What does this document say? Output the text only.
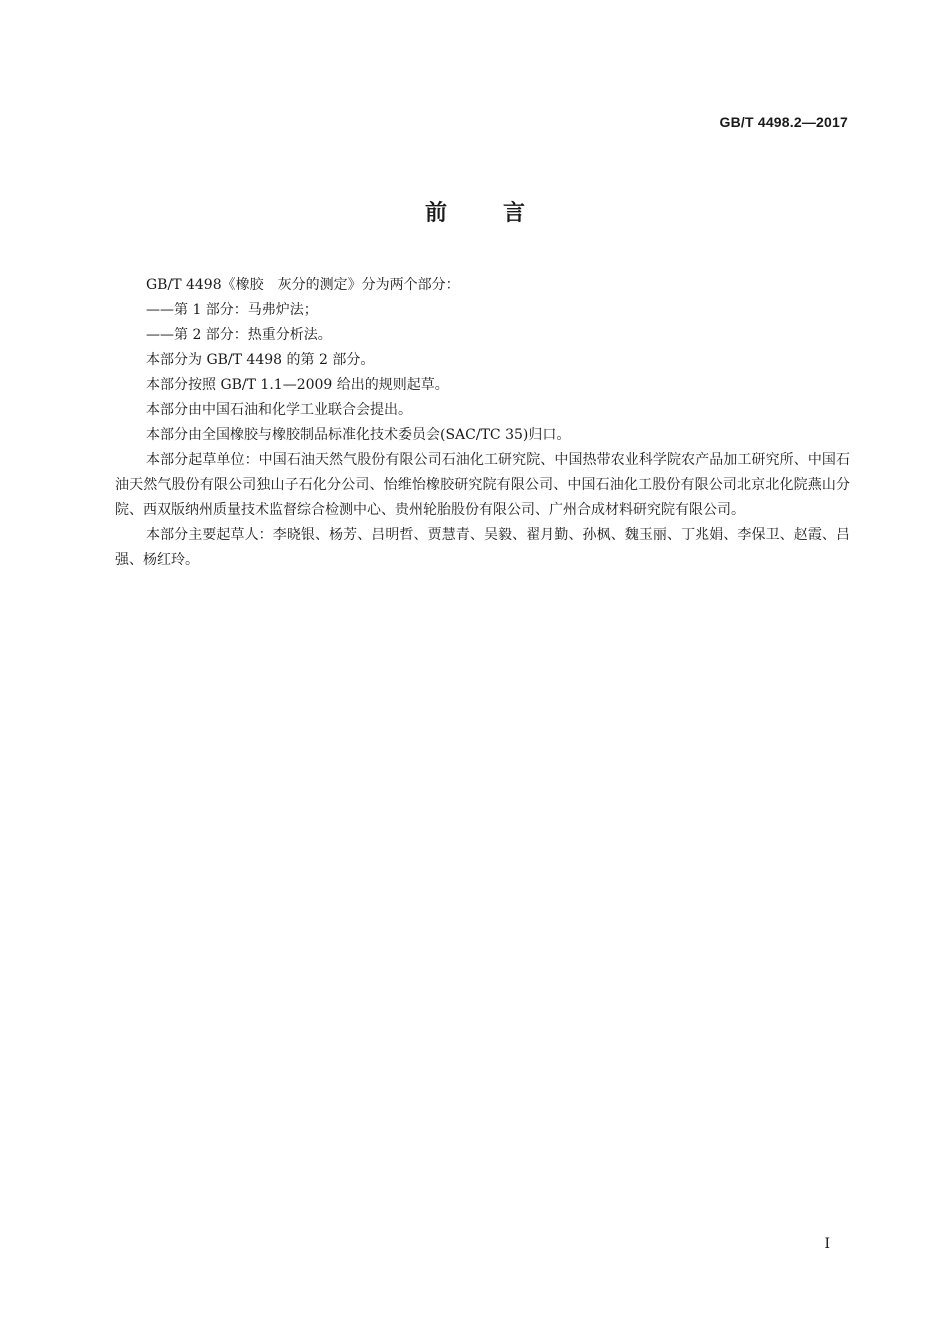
GB/T 4498.2—2017
前言

GB/T 4498《橡胶　灰分的测定》分为两个部分：

——第 1 部分：马弗炉法；

——第 2 部分：热重分析法。

本部分为 GB/T 4498 的第 2 部分。

本部分按照 GB/T 1.1—2009 给出的规则起草。

本部分由中国石油和化学工业联合会提出。

本部分由全国橡胶与橡胶制品标准化技术委员会(SAC/TC 35)归口。

本部分起草单位：中国石油天然气股份有限公司石油化工研究院、中国热带农业科学院农产品加工研究所、中国石油天然气股份有限公司独山子石化分公司、怡维怡橡胶研究院有限公司、中国石油化工股份有限公司北京北化院燕山分院、西双版纳州质量技术监督综合检测中心、贵州轮胎股份有限公司、广州合成材料研究院有限公司。

本部分主要起草人：李晓银、杨芳、吕明哲、贾慧青、吴毅、翟月勤、孙枫、魏玉丽、丁兆娟、李保卫、赵霞、吕强、杨红玲。

I
